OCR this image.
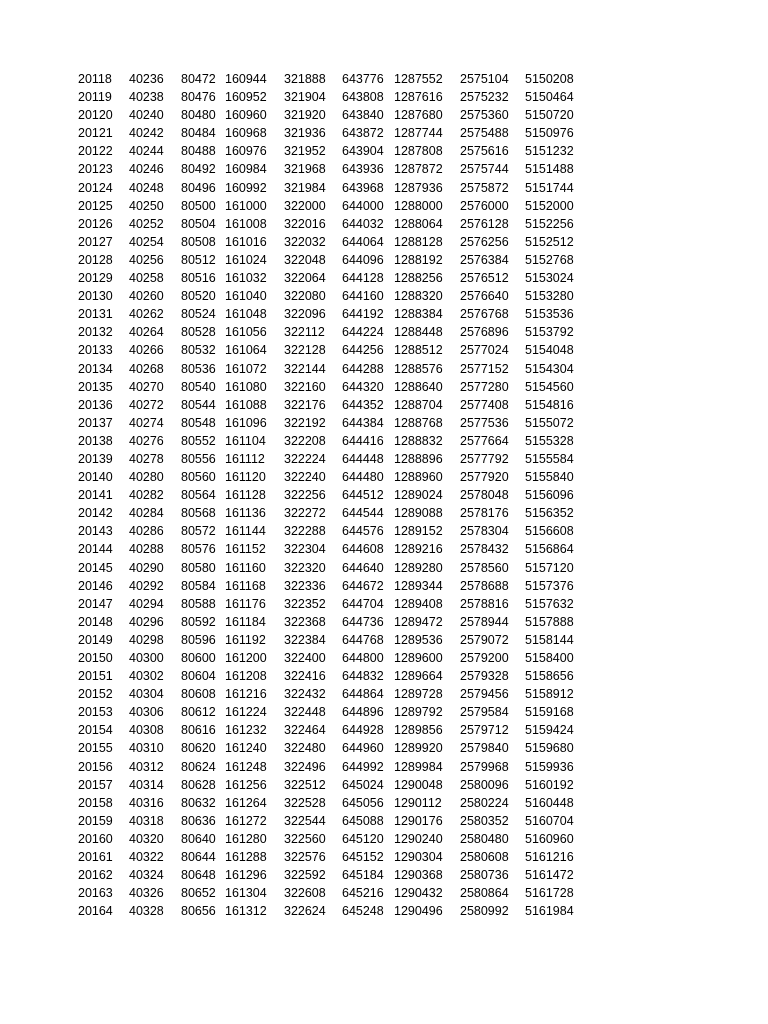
20118	40236	80472	160944	321888	643776	1287552	2575104	5150208
20119	40238	80476	160952	321904	643808	1287616	2575232	5150464
20120	40240	80480	160960	321920	643840	1287680	2575360	5150720
20121	40242	80484	160968	321936	643872	1287744	2575488	5150976
20122	40244	80488	160976	321952	643904	1287808	2575616	5151232
20123	40246	80492	160984	321968	643936	1287872	2575744	5151488
20124	40248	80496	160992	321984	643968	1287936	2575872	5151744
20125	40250	80500	161000	322000	644000	1288000	2576000	5152000
20126	40252	80504	161008	322016	644032	1288064	2576128	5152256
20127	40254	80508	161016	322032	644064	1288128	2576256	5152512
20128	40256	80512	161024	322048	644096	1288192	2576384	5152768
20129	40258	80516	161032	322064	644128	1288256	2576512	5153024
20130	40260	80520	161040	322080	644160	1288320	2576640	5153280
20131	40262	80524	161048	322096	644192	1288384	2576768	5153536
20132	40264	80528	161056	322112	644224	1288448	2576896	5153792
20133	40266	80532	161064	322128	644256	1288512	2577024	5154048
20134	40268	80536	161072	322144	644288	1288576	2577152	5154304
20135	40270	80540	161080	322160	644320	1288640	2577280	5154560
20136	40272	80544	161088	322176	644352	1288704	2577408	5154816
20137	40274	80548	161096	322192	644384	1288768	2577536	5155072
20138	40276	80552	161104	322208	644416	1288832	2577664	5155328
20139	40278	80556	161112	322224	644448	1288896	2577792	5155584
20140	40280	80560	161120	322240	644480	1288960	2577920	5155840
20141	40282	80564	161128	322256	644512	1289024	2578048	5156096
20142	40284	80568	161136	322272	644544	1289088	2578176	5156352
20143	40286	80572	161144	322288	644576	1289152	2578304	5156608
20144	40288	80576	161152	322304	644608	1289216	2578432	5156864
20145	40290	80580	161160	322320	644640	1289280	2578560	5157120
20146	40292	80584	161168	322336	644672	1289344	2578688	5157376
20147	40294	80588	161176	322352	644704	1289408	2578816	5157632
20148	40296	80592	161184	322368	644736	1289472	2578944	5157888
20149	40298	80596	161192	322384	644768	1289536	2579072	5158144
20150	40300	80600	161200	322400	644800	1289600	2579200	5158400
20151	40302	80604	161208	322416	644832	1289664	2579328	5158656
20152	40304	80608	161216	322432	644864	1289728	2579456	5158912
20153	40306	80612	161224	322448	644896	1289792	2579584	5159168
20154	40308	80616	161232	322464	644928	1289856	2579712	5159424
20155	40310	80620	161240	322480	644960	1289920	2579840	5159680
20156	40312	80624	161248	322496	644992	1289984	2579968	5159936
20157	40314	80628	161256	322512	645024	1290048	2580096	5160192
20158	40316	80632	161264	322528	645056	1290112	2580224	5160448
20159	40318	80636	161272	322544	645088	1290176	2580352	5160704
20160	40320	80640	161280	322560	645120	1290240	2580480	5160960
20161	40322	80644	161288	322576	645152	1290304	2580608	5161216
20162	40324	80648	161296	322592	645184	1290368	2580736	5161472
20163	40326	80652	161304	322608	645216	1290432	2580864	5161728
20164	40328	80656	161312	322624	645248	1290496	2580992	5161984
